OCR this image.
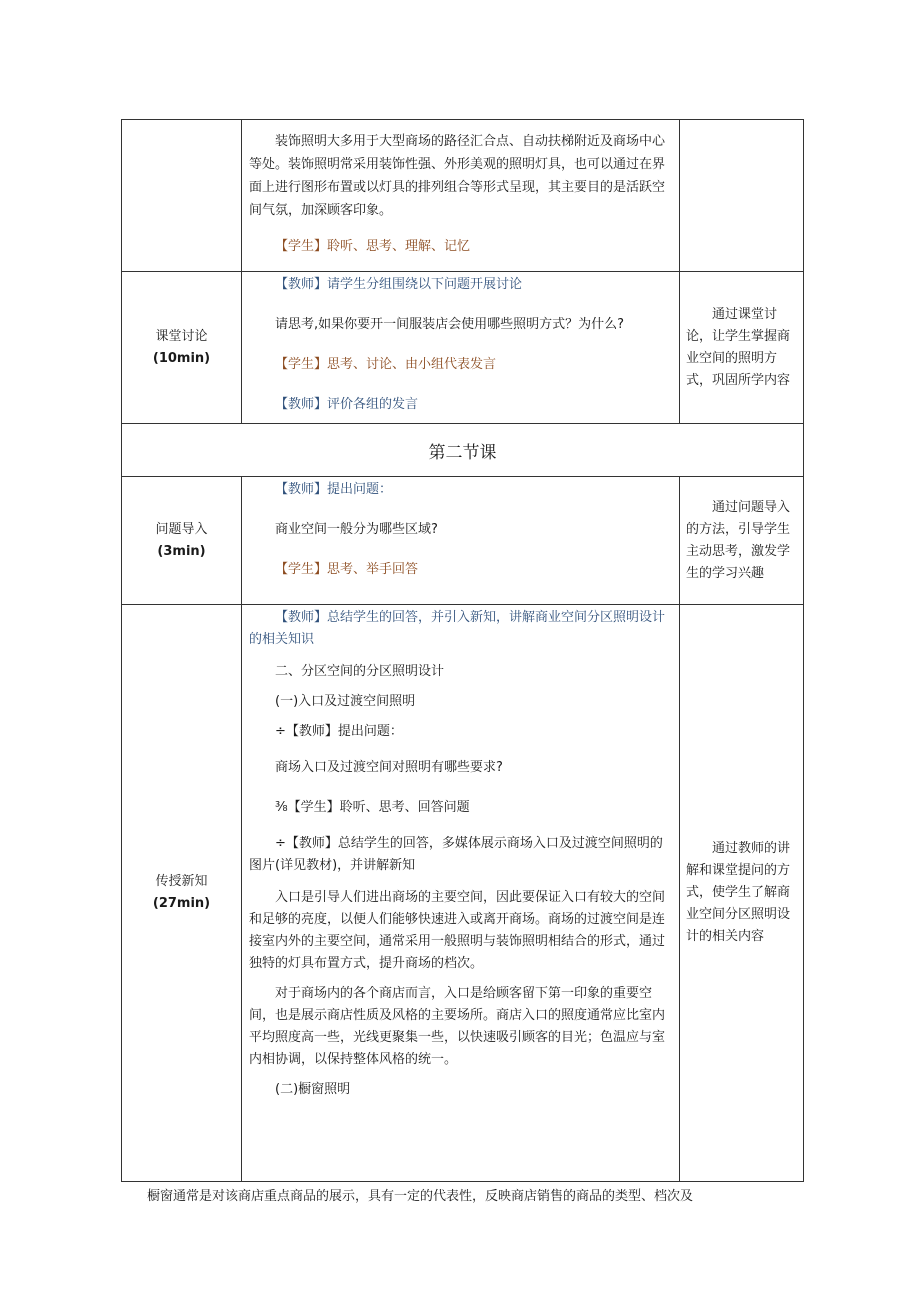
装饰照明大多用于大型商场的路径汇合点、自动扶梯附近及商场中心等处。装饰照明常采用装饰性强、外形美观的照明灯具，也可以通过在界面上进行图形布置或以灯具的排列组合等形式呈现，其主要目的是活跃空间气氛，加深顾客印象。

【学生】聆听、思考、理解、记忆

课堂讨论
(10min)

【教师】请学生分组围绕以下问题开展讨论

请思考,如果你要开一间服装店会使用哪些照明方式？为什么?

【学生】思考、讨论、由小组代表发言

【教师】评价各组的发言

通过课堂讨论，让学生掌握商业空间的照明方式，巩固所学内容

第二节课
问题导入
(3min)

【教师】提出问题：

商业空间一般分为哪些区域?

【学生】思考、举手回答

通过问题导入的方法，引导学生主动思考，激发学生的学习兴趣

传授新知
(27min)

【教师】总结学生的回答，并引入新知，讲解商业空间分区照明设计的相关知识

二、分区空间的分区照明设计

(一)入口及过渡空间照明

÷【教师】提出问题：

商场入口及过渡空间对照明有哪些要求?

⅜【学生】聆听、思考、回答问题

÷【教师】总结学生的回答，多媒体展示商场入口及过渡空间照明的图片(详见教材)，并讲解新知

入口是引导人们进出商场的主要空间，因此要保证入口有较大的空间和足够的亮度，以便人们能够快速进入或离开商场。商场的过渡空间是连接室内外的主要空间，通常采用一般照明与装饰照明相结合的形式，通过独特的灯具布置方式，提升商场的档次。

对于商场内的各个商店而言，入口是给顾客留下第一印象的重要空间，也是展示商店性质及风格的主要场所。商店入口的照度通常应比室内平均照度高一些，光线更聚集一些，以快速吸引顾客的目光；色温应与室内相协调，以保持整体风格的统一。

(二)橱窗照明

通过教师的讲解和课堂提问的方式，使学生了解商业空间分区照明设计的相关内容

橱窗通常是对该商店重点商品的展示，具有一定的代表性，反映商店销售的商品的类型、档次及
